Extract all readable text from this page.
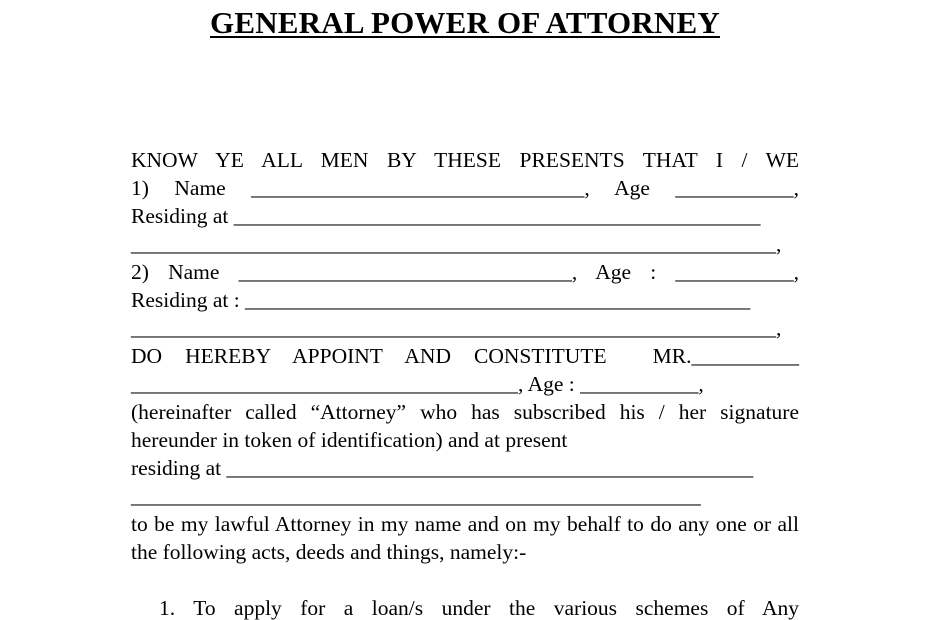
GENERAL POWER OF ATTORNEY
KNOW YE ALL MEN BY THESE PRESENTS THAT I / WE
1) Name _______________________________, Age ___________,
Residing at _________________________________________________
____________________________________________________________,
2) Name _______________________________, Age : ___________,
Residing at : _______________________________________________
____________________________________________________________,
DO HEREBY APPOINT AND CONSTITUTE  MR.__________
____________________________________, Age : ___________,
(hereinafter called “Attorney” who has subscribed his / her signature hereunder in token of identification) and at present
residing at _________________________________________________
_____________________________________________________
to be my lawful Attorney in my name and on my behalf to do any one or all the following acts, deeds and things, namely:-
1. To apply for a loan/s under the various schemes of Any
